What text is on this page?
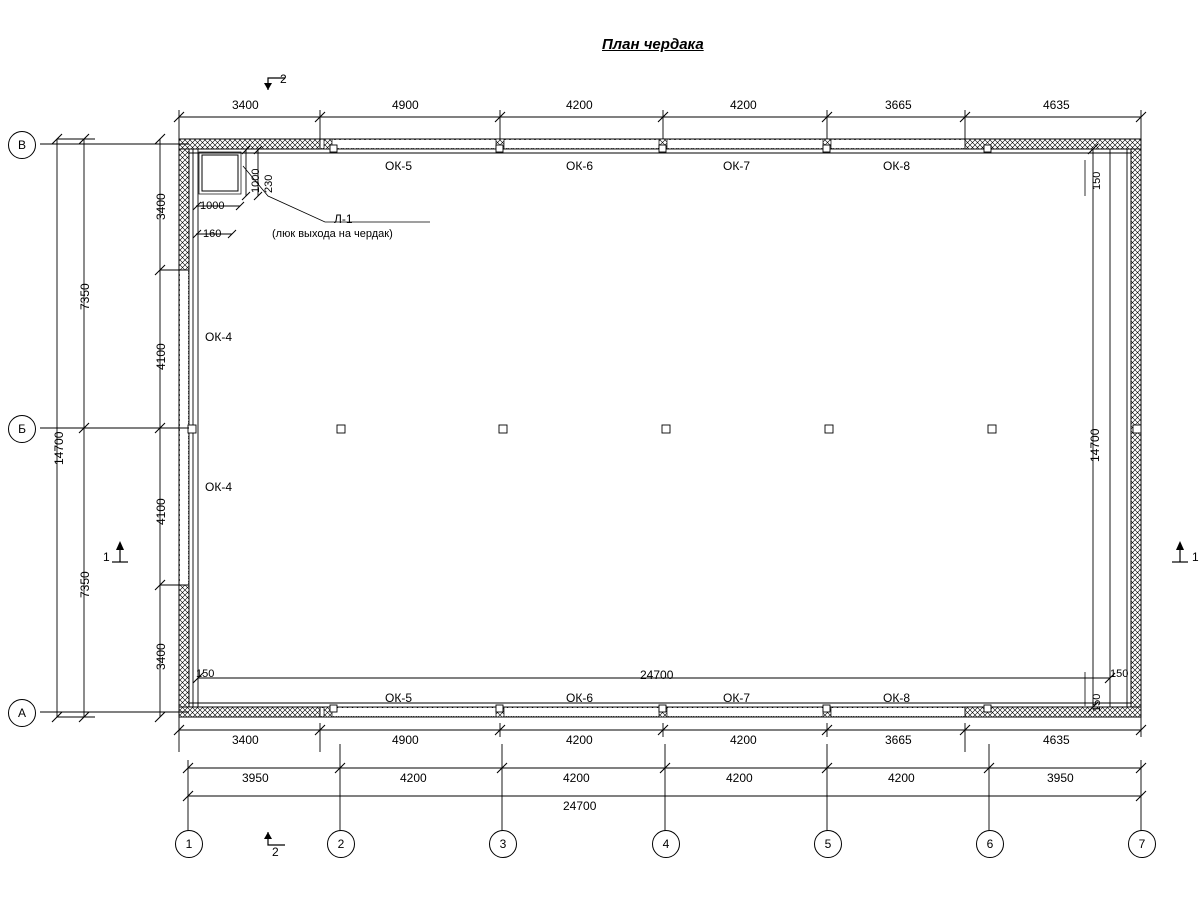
План чердака
3400	4900	4200	4200	3665	4635
3400	4900	4200	4200	3665	4635
3950	4200	4200	4200	4200	3950
24700
24700
7350
7350
14700
3400
4100
4100
3400
14700
150
150	150
150
1000 230
1000
160
Л-1
(люк выхода на чердак)
ОК-5	ОК-6	ОК-7	ОК-8
ОК-5	ОК-6	ОК-7	ОК-8
ОК-4
ОК-4
2
2
1	1
В
Б
А
1	2	3	4	5	6	7
